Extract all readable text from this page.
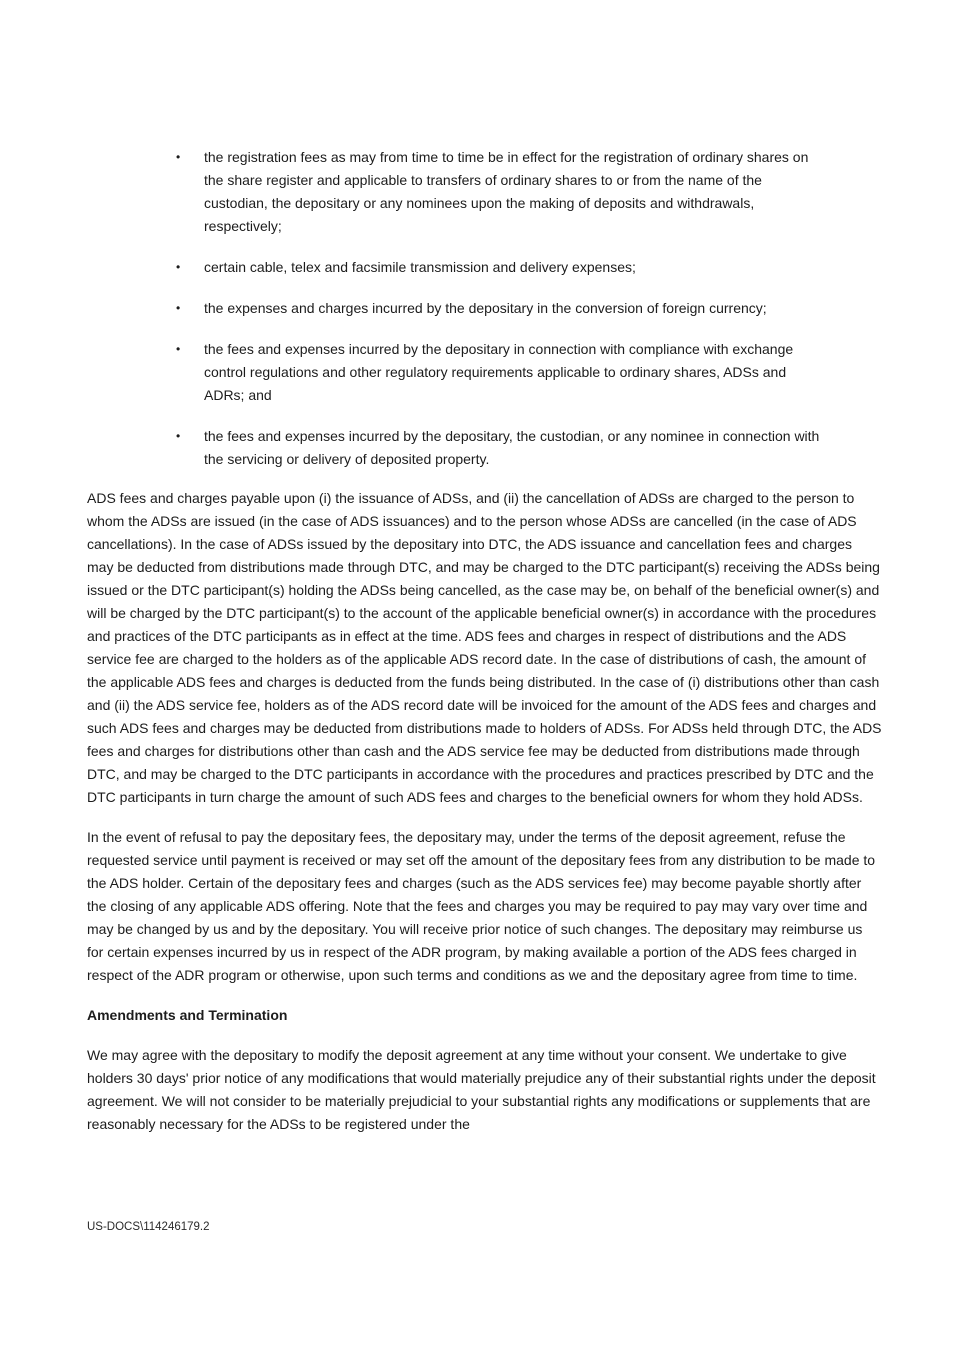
• the registration fees as may from time to time be in effect for the registration of ordinary shares on the share register and applicable to transfers of ordinary shares to or from the name of the custodian, the depositary or any nominees upon the making of deposits and withdrawals, respectively;
• certain cable, telex and facsimile transmission and delivery expenses;
• the expenses and charges incurred by the depositary in the conversion of foreign currency;
• the fees and expenses incurred by the depositary in connection with compliance with exchange control regulations and other regulatory requirements applicable to ordinary shares, ADSs and ADRs; and
• the fees and expenses incurred by the depositary, the custodian, or any nominee in connection with the servicing or delivery of deposited property.

ADS fees and charges payable upon (i) the issuance of ADSs, and (ii) the cancellation of ADSs are charged to the person to whom the ADSs are issued (in the case of ADS issuances) and to the person whose ADSs are cancelled (in the case of ADS cancellations). In the case of ADSs issued by the depositary into DTC, the ADS issuance and cancellation fees and charges may be deducted from distributions made through DTC, and may be charged to the DTC participant(s) receiving the ADSs being issued or the DTC participant(s) holding the ADSs being cancelled, as the case may be, on behalf of the beneficial owner(s) and will be charged by the DTC participant(s) to the account of the applicable beneficial owner(s) in accordance with the procedures and practices of the DTC participants as in effect at the time. ADS fees and charges in respect of distributions and the ADS service fee are charged to the holders as of the applicable ADS record date. In the case of distributions of cash, the amount of the applicable ADS fees and charges is deducted from the funds being distributed. In the case of (i) distributions other than cash and (ii) the ADS service fee, holders as of the ADS record date will be invoiced for the amount of the ADS fees and charges and such ADS fees and charges may be deducted from distributions made to holders of ADSs. For ADSs held through DTC, the ADS fees and charges for distributions other than cash and the ADS service fee may be deducted from distributions made through DTC, and may be charged to the DTC participants in accordance with the procedures and practices prescribed by DTC and the DTC participants in turn charge the amount of such ADS fees and charges to the beneficial owners for whom they hold ADSs.

In the event of refusal to pay the depositary fees, the depositary may, under the terms of the deposit agreement, refuse the requested service until payment is received or may set off the amount of the depositary fees from any distribution to be made to the ADS holder. Certain of the depositary fees and charges (such as the ADS services fee) may become payable shortly after the closing of any applicable ADS offering. Note that the fees and charges you may be required to pay may vary over time and may be changed by us and by the depositary. You will receive prior notice of such changes. The depositary may reimburse us for certain expenses incurred by us in respect of the ADR program, by making available a portion of the ADS fees charged in respect of the ADR program or otherwise, upon such terms and conditions as we and the depositary agree from time to time.

Amendments and Termination

We may agree with the depositary to modify the deposit agreement at any time without your consent. We undertake to give holders 30 days' prior notice of any modifications that would materially prejudice any of their substantial rights under the deposit agreement. We will not consider to be materially prejudicial to your substantial rights any modifications or supplements that are reasonably necessary for the ADSs to be registered under the

US-DOCS\114246179.2
